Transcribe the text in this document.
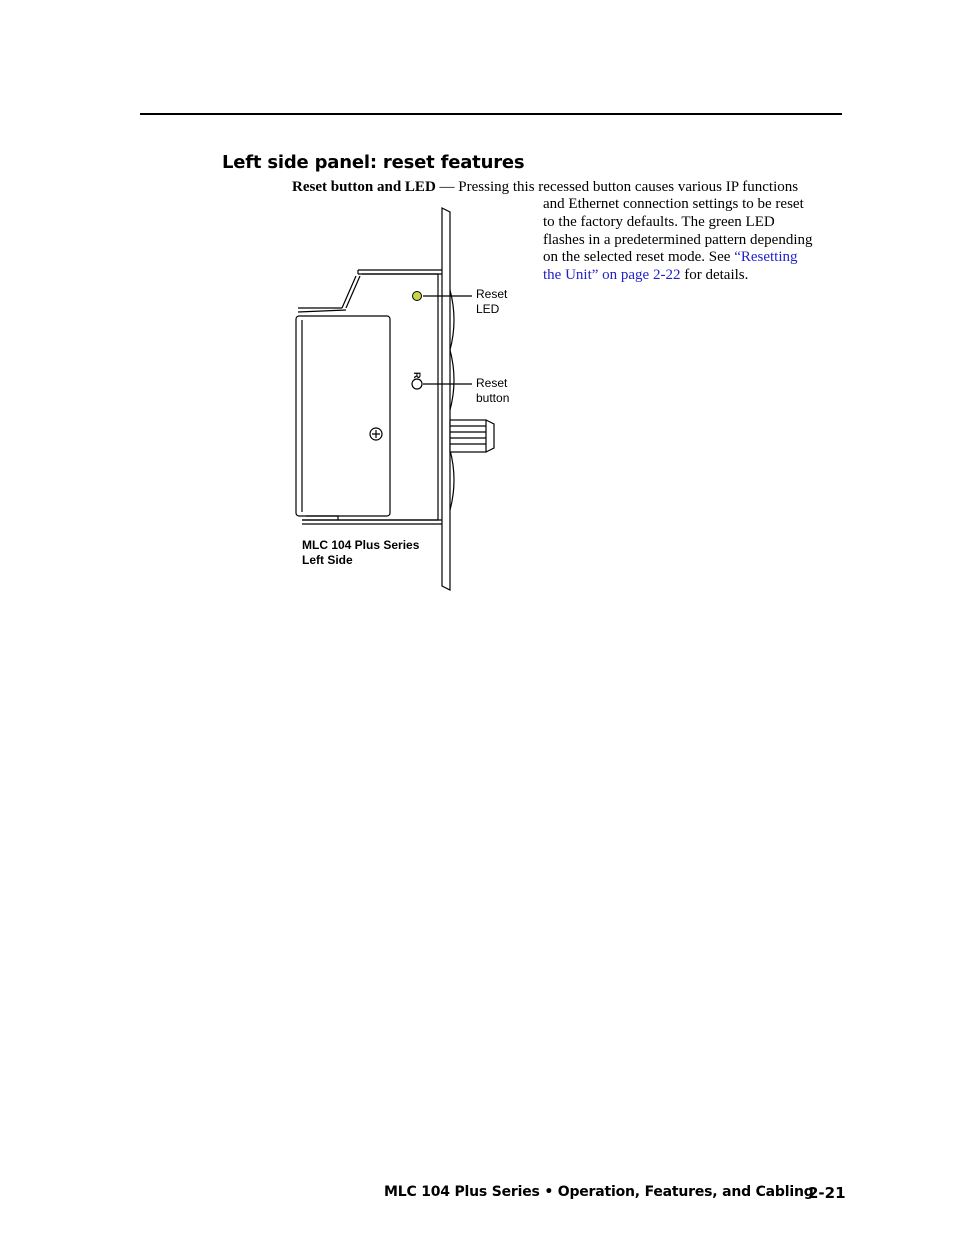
Left side panel: reset features
Reset button and LED — Pressing this recessed button causes various IP functions
and Ethernet connection settings to be reset
to the factory defaults. The green LED
flashes in a predetermined pattern depending
on the selected reset mode. See “Resetting
the Unit” on page 2-22 for details.
R
Reset
LED
Reset
button
MLC 104 Plus Series
Left Side
MLC 104 Plus Series • Operation, Features, and Cabling
2-21
